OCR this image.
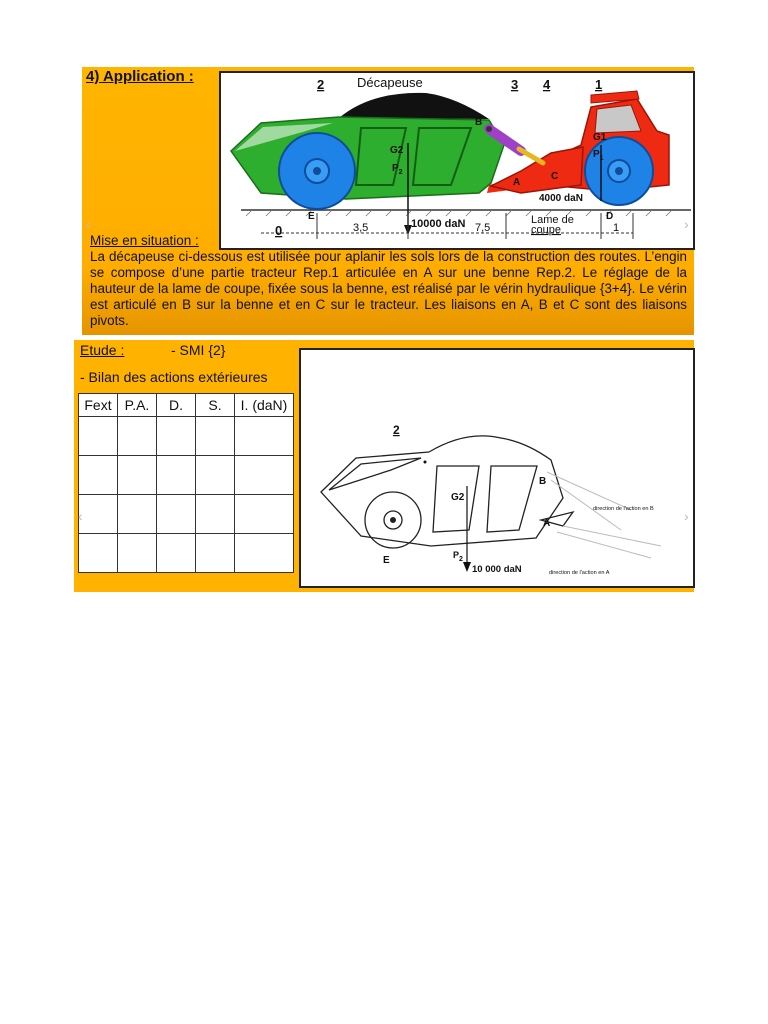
4) Application :	Décapeuse
2	3 4	1
B
A
C
E	D
G1
G2	$P_1$
$P_2$
4000 daN
10000 daN	Lame de
coupe
0	3,5	7,5	1
Mise en situation :
La décapeuse ci-dessous est utilisée pour aplanir les sols lors de la construction des routes. L’engin se compose d’une partie tracteur Rep.1 articulée en A sur une benne Rep.2. Le réglage de la hauteur de la lame de coupe, fixée sous la benne, est réalisé par le vérin hydraulique {3+4}. Le vérin est articulé en B sur la benne et en C sur le tracteur. Les liaisons en A, B et C sont des liaisons pivots.
Etude :	- SMI {2}
- Bilan des actions extérieures
Fext	P.A.	D.	S.	I. (daN)

2
B
A
E
G2
$P_2$
10 000 daN
direction de l'action en B
direction de l'action en A
‹	›
‹	›
